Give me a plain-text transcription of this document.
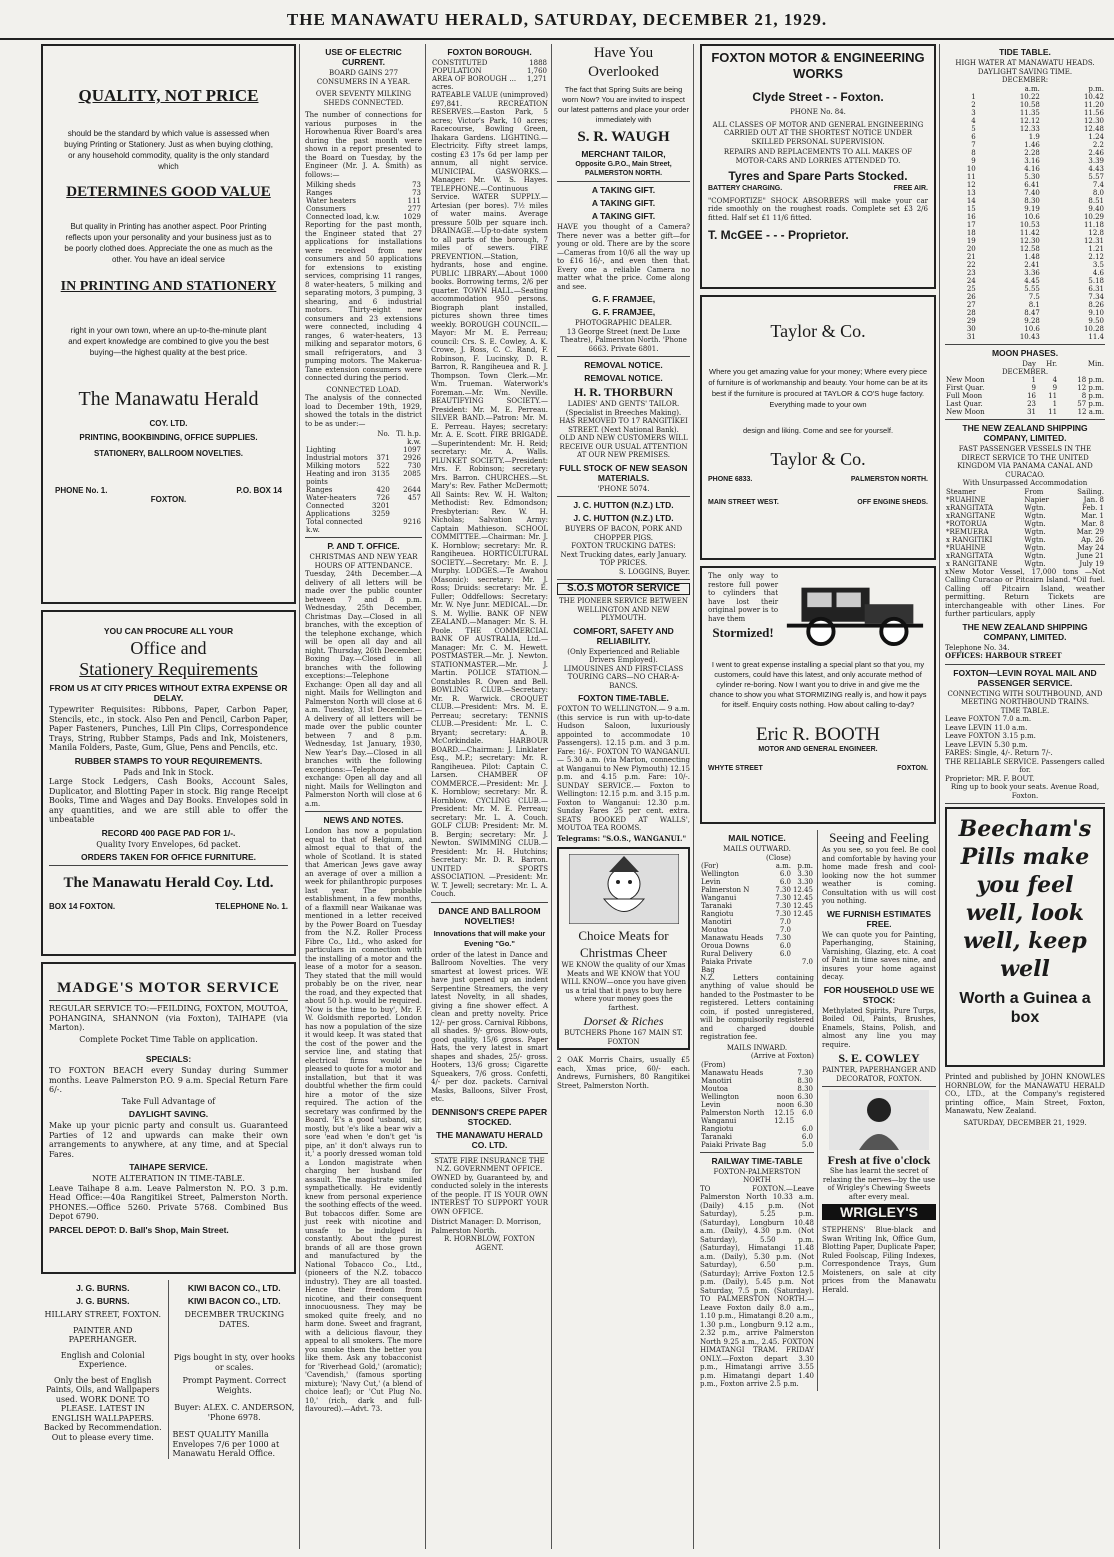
THE MANAWATU HERALD, SATURDAY, DECEMBER 21, 1929.
QUALITY, NOT PRICE

should be the standard by which value is assessed when buying Printing or Stationery. Just as when buying clothing, or any household commodity, quality is the only standard which

DETERMINES GOOD VALUE

But quality in Printing has another aspect. Poor Printing reflects upon your personality and your business just as to be poorly clothed does. Appreciate the one as much as the other. You have an ideal service

IN PRINTING AND STATIONERY

right in your own town, where an up-to-the-minute plant and expert knowledge are combined to give you the best buying—the highest quality at the best price.

The Manawatu Herald
COY. LTD.
PRINTING, BOOKBINDING, OFFICE SUPPLIES. STATIONERY, BALLROOM NOVELTIES.
PHONE No. 1.	P.O. BOX 14
FOXTON.
YOU CAN PROCURE ALL YOUR
Office and
Stationery Requirements
FROM US AT CITY PRICES WITHOUT EXTRA EXPENSE OR DELAY.

Typewriter Requisites: Ribbons, Paper, Carbon Paper, Stencils, etc., in stock. Also Pen and Pencil, Carbon Paper, Paper Fasteners, Punches, Lill Pin Clips, Correspondence Trays, String, Rubber Stamps, Pads and Ink, Moisteners, Manila Folders, Paste, Gum, Glue, Pens and Pencils, etc.

RUBBER STAMPS TO YOUR REQUIREMENTS.
Pads and Ink in Stock.

Large Stock Ledgers, Cash Books, Account Sales, Duplicator, and Blotting Paper in stock. Big range Receipt Books, Time and Wages and Day Books. Envelopes sold in any quantities, and we are still able to offer the unbeatable

RECORD 400 PAGE PAD FOR 1/-.
Quality Ivory Envelopes, 6d packet.
ORDERS TAKEN FOR OFFICE FURNITURE.
The Manawatu Herald Coy. Ltd.
BOX 14 FOXTON.	TELEPHONE No. 1.
MADGE'S MOTOR SERVICE

REGULAR SERVICE TO:—FEILDING, FOXTON, MOUTOA, POHANGINA, SHANNON (via Foxton), TAIHAPE (via Marton).

Complete Pocket Time Table on application.
SPECIALS:

TO FOXTON BEACH every Sunday during Summer months. Leave Palmerston P.O. 9 a.m. Special Return Fare 6/-.

Take Full Advantage of
DAYLIGHT SAVING.

Make up your picnic party and consult us. Guaranteed Parties of 12 and upwards can make their own arrangements to anywhere, at any time, and at Special Fares.

TAIHAPE SERVICE.
NOTE ALTERATION IN TIME-TABLE.

Leave Taihape 8 a.m. Leave Palmerston N. P.O. 3 p.m. Head Office:—40a Rangitikei Street, Palmerston North. PHONES.—Office 5260. Private 5768. Combined Bus Depot 6790.

PARCEL DEPOT: D. Ball's Shop, Main Street.
J. G. BURNS.
J. G. BURNS.
HILLARY STREET, FOXTON.
PAINTER AND PAPERHANGER.
English and Colonial Experience.
Only the best of English Paints, Oils, and Wallpapers used. WORK DONE TO PLEASE. LATEST IN ENGLISH WALLPAPERS. Backed by Recommendation. Out to please every time.
KIWI BACON CO., LTD.
KIWI BACON CO., LTD.
DECEMBER TRUCKING DATES.
Pigs bought in sty, over hooks or scales.
Prompt Payment. Correct Weights.
Buyer: ALEX. C. ANDERSON, 'Phone 6978.
BEST QUALITY Manilla Envelopes 7/6 per 1000 at Manawatu Herald Office.
USE OF ELECTRIC CURRENT.
BOARD GAINS 277 CONSUMERS IN A YEAR.
OVER SEVENTY MILKING SHEDS CONNECTED.

The number of connections for various purposes in the Horowhenua River Board's area during the past month were shown in a report presented to the Board on Tuesday, by the Engineer (Mr. J. A. Smith) as follows:—

Milking sheds	73
Ranges	73
Water heaters	111
Consumers	277
Connected load, k.w.	1029

Reporting for the past month, the Engineer stated that 27 applications for installations were received from new consumers and 50 applications for extensions to existing services, comprising 11 ranges, 8 water-heaters, 5 milking and separating motors, 3 pumping, 3 shearing, and 6 industrial motors. Thirty-eight new consumers and 23 extensions were connected, including 4 ranges, 6 water-heaters, 13 milking and separator motors, 6 small refrigerators, and 3 pumping motors. The Makerua-Tane extension consumers were connected during the period.

CONNECTED LOAD.

The analysis of the connected load to December 19th, 1929, showed the totals in the district to be as under:—

	No.	Tl. h.p. k.w.
Lighting		1097
Industrial motors	371	2926
Milking motors	522	730
Heating and iron points	3135	2085
Ranges	420	2644
Water-heaters	726	457
Connected	3201	
Applications	3259	
Total connected k.w.		9216
P. AND T. OFFICE.
CHRISTMAS AND NEW YEAR HOURS OF ATTENDANCE.

Tuesday, 24th December.—A delivery of all letters will be made over the public counter between 7 and 8 p.m. Wednesday, 25th December, Christmas Day.—Closed in all branches, with the exception of the telephone exchange, which will be open all day and all night. Thursday, 26th December, Boxing Day.—Closed in all branches with the following exceptions:—Telephone Exchange: Open all day and all night. Mails for Wellington and Palmerston North will close at 6 a.m. Tuesday, 31st December.—A delivery of all letters will be made over the public counter between 7 and 8 p.m. Wednesday, 1st January, 1930, New Year's Day.—Closed in all branches with the following exceptions:—Telephone exchange: Open all day and all night. Mails for Wellington and Palmerston North will close at 6 a.m.

NEWS AND NOTES.

London has now a population equal to that of Belgium, and almost equal to that of the whole of Scotland. It is stated that American Jews gave away an average of over a million a week for philanthropic purposes last year. The probable establishment, in a few months, of a flaxmill near Waikanae was mentioned in a letter received by the Power Board on Tuesday from the N.Z. Roller Process Fibre Co., Ltd., who asked for particulars in connection with the installing of a motor and the lease of a motor for a season. They stated that the mill would probably be on the river, near the road, and they expected that about 50 h.p. would be required. 'Now is the time to buy', Mr. F. W. Goldsmith reported. London has now a population of the size it would keep. It was stated that the cost of the power and the service line, and stating that electrical firms would be pleased to quote for a motor and installation, but that it was doubtful whether the firm could hire a motor of the size required. The action of the secretary was confirmed by the Board. 'E's a good 'usband, sir, mostly, but 'e's like a bear wiv a sore 'ead when 'e don't get 'is pipe, an' it don't always run to it,' a poorly dressed woman told a London magistrate when charging her husband for assault. The magistrate smiled sympathetically. He evidently knew from personal experience the soothing effects of the weed. But tobaccos differ. Some are just reek with nicotine and unsafe to be indulged in constantly. About the purest brands of all are those grown and manufactured by the National Tobacco Co., Ltd., (pioneers of the N.Z. tobacco industry). They are all toasted. Hence their freedom from nicotine, and their consequent innocuousness. They may be smoked quite freely, and no harm done. Sweet and fragrant, with a delicious flavour, they appeal to all smokers. The more you smoke them the better you like them. Ask any tobacconist for 'Riverhead Gold,' (aromatic); 'Cavendish,' (famous sporting mixture); 'Navy Cut,' (a blend of choice leaf); or 'Cut Plug No. 10,' (rich, dark and full-flavoured).—Advt. 73.

FOXTON BOROUGH.
CONSTITUTED	1888
POPULATION	1,760
AREA OF BOROUGH ... acres.	1,271

RATEABLE VALUE (unimproved) £97,841. RECREATION RESERVES.—Easton Park, 5 acres; Victor's Park, 10 acres; Racecourse, Bowling Green, Ihakara Gardens. LIGHTING.—Electricity. Fifty street lamps, costing £3 17s 6d per lamp per annum, all night service. MUNICIPAL GASWORKS.—Manager: Mr. W. S. Hayes. TELEPHONE.—Continuous Service. WATER SUPPLY.—Artesian (per bores). 7½ miles of water mains. Average pressure 50lb per square inch. DRAINAGE.—Up-to-date system to all parts of the borough, 7 miles of sewers. FIRE PREVENTION.—Station, hydrants, hose and engine. PUBLIC LIBRARY.—About 1000 books. Borrowing terms, 2/6 per quarter. TOWN HALL.—Seating accommodation 950 persons. Biograph plant installed, pictures shown three times weekly. BOROUGH COUNCIL.—Mayor: Mr M. E. Perreau; council: Crs. S. E. Cowley, A. K. Crowe, J. Ross, C. C. Rand, F. Robinson, F. Lucinsky, D. R. Barron, R. Rangiheuea and R. J. Thompson. Town Clerk.—Mr. Wm. Trueman. Waterwork's Foreman.—Mr. Wm. Neville. BEAUTIFYING SOCIETY.—President: Mr. M. E. Perreau. SILVER BAND.—Patron: Mr. M. E. Perreau. Hayes; secretary: Mr. A. E. Scott. FIRE BRIGADE.—Superintendent: Mr. H. Reid; secretary: Mr. A. Walls. PLUNKET SOCIETY.—President: Mrs. F. Robinson; secretary: Mrs. Barron. CHURCHES.—St. Mary's: Rev. Father McDermott; All Saints: Rev. W. H. Walton; Methodist: Rev. Edmondson; Presbyterian: Rev. W. H. Nicholas; Salvation Army: Captain Mathieson. SCHOOL COMMITTEE.—Chairman: Mr. J. K. Hornblow; secretary: Mr. R. Rangiheuea. HORTICULTURAL SOCIETY.—Secretary: Mr. E. J. Murphy. LODGES.—Te Awahou (Masonic): secretary: Mr. J. Ross; Druids: secretary: Mr. E. Fuller; Oddfellows: Secretary: Mr. W. Nye Junr. MEDICAL.—Dr. S. M. Wyllie. BANK OF NEW ZEALAND.—Manager: Mr. S. H. Poole. THE COMMERCIAL BANK OF AUSTRALIA, Ltd.—Manager: Mr. C. M. Hewett. POSTMASTER.—Mr. J. Newton. STATIONMASTER.—Mr. J. Martin. POLICE STATION.—Constables R. Owen and Bell. BOWLING CLUB.—Secretary: Mr. R. Warwick. CROQUET CLUB.—President: Mrs. M. E. Perreau; secretary: TENNIS CLUB.—President: Mr. L. C. Bryant; secretary: A. B. McCorkindale. HARBOUR BOARD.—Chairman: J. Linklater Esq., M.P.; secretary: Mr. R. Rangiheuea. Pilot: Captain C. Larsen. CHAMBER OF COMMERCE.—President: Mr. J. K. Hornblow; secretary: Mr. R. Hornblow. CYCLING CLUB.—President: Mr. M. E. Perreau; secretary: Mr. L. A. Couch. GOLF CLUB: President: Mr. M. B. Bergin; secretary: Mr. J. Newton. SWIMMING CLUB.—President: Mr. H. Hutchins; Secretary: Mr. D. R. Barron. UNITED SPORTS ASSOCIATION. —President: Mr. W. T. Jewell; secretary: Mr. L. A. Couch.

DANCE AND BALLROOM NOVELTIES!
Innovations that will make your Evening "Go."

order of the latest in Dance and Ballroom Novelties. The very smartest at lowest prices. WE have just opened up an indent Serpentine Streamers, the very latest Novelty, in all shades, giving a fine shower effect. A clean and pretty novelty. Price 12/- per gross. Carnival Ribbons, all shades. 9/- gross. Blow-outs, good quality, 15/6 gross. Paper Hats, the very latest in smart shapes and shades, 25/- gross. Hooters, 13/6 gross; Cigarette Squeakers, 7/6 gross. Confetti, 4/- per doz. packets. Carnival Masks, Balloons, Silver Frost, etc.

DENNISON'S CREPE PAPER STOCKED.
THE MANAWATU HERALD CO. LTD.
STATE FIRE INSURANCE THE N.Z. GOVERNMENT OFFICE.

OWNED by, Guaranteed by, and conducted solely in the interests of the people. IT IS YOUR OWN INTEREST TO SUPPORT YOUR OWN OFFICE.

District Manager: D. Morrison, Palmerston North.
R. HORNBLOW, FOXTON AGENT.
Have You Overlooked

The fact that Spring Suits are being worn Now? You are invited to inspect our latest patterns and place your order immediately with

S. R. WAUGH
MERCHANT TAILOR,
Opposite G.P.O., Main Street, PALMERSTON NORTH.
A TAKING GIFT.
A TAKING GIFT.
A TAKING GIFT.

HAVE you thought of a Camera? There never was a better gift—for young or old. There are by the score—Cameras from 10/6 all the way up to £16 16/-, and even then that. Every one a reliable Camera no matter what the price. Come along and see.

G. F. FRAMJEE,
G. F. FRAMJEE,
PHOTOGRAPHIC DEALER.
13 George Street (next De Luxe Theatre), Palmerston North. 'Phone 6663. Private 6801.
REMOVAL NOTICE.
REMOVAL NOTICE.
H. R. THORBURN
LADIES' AND GENTS' TAILOR. (Specialist in Breeches Making).
HAS REMOVED TO 17 RANGITIKEI STREET. (Next National Bank).
OLD AND NEW CUSTOMERS WILL RECEIVE OUR USUAL ATTENTION AT OUR NEW PREMISES.
FULL STOCK OF NEW SEASON MATERIALS.
'PHONE 5074.
J. C. HUTTON (N.Z.) LTD.
J. C. HUTTON (N.Z.) LTD.
BUYERS OF BACON, PORK AND CHOPPER PIGS.
FOXTON TRUCKING DATES:
Next Trucking dates, early January.
TOP PRICES.
S. LOGGINS, Buyer.
S.O.S MOTOR SERVICE
THE PIONEER SERVICE BETWEEN WELLINGTON AND NEW PLYMOUTH.
COMFORT, SAFETY AND RELIABILITY.
(Only Experienced and Reliable Drivers Employed).
LIMOUSINES AND FIRST-CLASS TOURING CARS—NO CHAR-A-BANCS.
FOXTON TIME-TABLE.

FOXTON TO WELLINGTON.— 9 a.m. (this service is run with up-to-date Hudson Saloon, luxuriously appointed to accommodate 10 Passengers). 12.15 p.m. and 3 p.m. Fare: 16/-. FOXTON TO WANGANUI.— 5.30 a.m. (via Marton, connecting at Wanganui to New Plymouth) 12.15 p.m. and 4.15 p.m. Fare: 10/-. SUNDAY SERVICE.— Foxton to Wellington: 12.15 p.m. and 3.15 p.m. Foxton to Wanganui: 12.30 p.m. Sunday Fares 25 per cent. extra. SEATS BOOKED AT WALLS', MOUTOA TEA ROOMS.

Telegrams: "S.O.S., WANGANUI."
Choice Meats for Christmas Cheer

WE KNOW the quality of our Xmas Meats and WE KNOW that YOU WILL KNOW—once you have given us a trial that it pays to buy here where your money goes the farthest.

Dorset & Riches
BUTCHERS Phone 167 MAIN ST. FOXTON

2 OAK Morris Chairs, usually £5 each, Xmas price, 60/- each. Andrews, Furnishers, 80 Rangitikei Street, Palmerston North.

FOXTON MOTOR & ENGINEERING WORKS
Clyde Street - - Foxton.
PHONE No. 84.

ALL CLASSES OF MOTOR AND GENERAL ENGINEERING CARRIED OUT AT THE SHORTEST NOTICE UNDER SKILLED PERSONAL SUPERVISION.

REPAIRS AND REPLACEMENTS TO ALL MAKES OF MOTOR-CARS AND LORRIES ATTENDED TO.

Tyres and Spare Parts Stocked.
BATTERY CHARGING.	FREE AIR.

"COMFORTIZE" SHOCK ABSORBERS will make your car ride smoothly on the roughest roads. Complete set £3 2/6 fitted. Half set £1 11/6 fitted.

T. McGEE - - - Proprietor.
Taylor & Co.

Where you get amazing value for your money; Where every piece of furniture is of workmanship and beauty. Your home can be at its best if the furniture is procured at TAYLOR & CO'S huge factory. Everything made to your own

design and liking. Come and see for yourself.
Taylor & Co.
PHONE 6833.	PALMERSTON NORTH.
MAIN STREET WEST.	OFF ENGINE SHEDS.

The only way to restore full power to cylinders that have lost their original power is to have them

Stormized!

I went to great expense installing a special plant so that you, my customers, could have this latest, and only accurate method of cylinder re-boring. Now I want you to drive in and give me the chance to show you what STORMIZING really is, and how it pays for itself. Enquiry costs nothing. How about calling to-day?

Eric R. BOOTH
MOTOR AND GENERAL ENGINEER.
WHYTE STREET	FOXTON.
MAIL NOTICE.
MAILS OUTWARD.
	(Close)	
(For)	a.m.	p.m.
Wellington	6.0	3.30
Levin	6.0	3.30
Palmerston N	7.30	12.45
Wanganui	7.30	12.45
Taranaki	7.30	12.45
Rangiotu	7.30	12.45
Manotiri	7.0	
Moutoa	7.0	
Manawatu Heads	7.30	
Oroua Downs	6.0	
Rural Delivery	6.0	
Paiaka Private Bag		7.0

N.Z. Letters containing anything of value should be handed to the Postmaster to be registered. Letters containing coin, if posted unregistered, will be compulsorily registered and charged double registration fee.

MAILS INWARD.
(Arrive at Foxton)
(From)		
Manawatu Heads		7.30
Manotiri		8.30
Moutoa		8.30
Wellington	noon	6.30
Levin	noon	6.30
Palmerston North	12.15	6.0
Wanganui	12.15	
Rangiotu		6.0
Taranaki		6.0
Paiaki Private Bag		5.0
RAILWAY TIME-TABLE
FOXTON-PALMERSTON NORTH

TO FOXTON.—Leave Palmerston North 10.33 a.m. (Daily) 4.15 p.m. (Not Saturday), 5.25 p.m. (Saturday), Longburn 10.48 a.m. (Daily), 4.30 p.m. (Not Saturday), 5.50 p.m. (Saturday), Himatangi 11.48 a.m. (Daily), 5.30 p.m. (Not Saturday), 6.50 p.m. (Saturday); Arrive Foxton 12.5 p.m. (Daily), 5.45 p.m. Not Saturday, 7.5 p.m. (Saturday). TO PALMERSTON NORTH.—Leave Foxton daily 8.0 a.m., 1.10 p.m., Himatangi 8.20 a.m., 1.30 p.m., Longburn 9.12 a.m., 2.32 p.m., arrive Palmerston North 9.25 a.m., 2.45. FOXTON HIMATANGI TRAM. FRIDAY ONLY.—Foxton depart 3.30 p.m., Himatangi arrive 3.55 p.m. Himatangi depart 1.40 p.m., Foxton arrive 2.5 p.m.

Seeing and Feeling

As you see, so you feel. Be cool and comfortable by having your home made fresh and cool-looking now the hot summer weather is coming. Consultation with us will cost you nothing.

WE FURNISH ESTIMATES FREE.

We can quote you for Painting, Paperhanging, Staining, Varnishing, Glazing, etc. A coat of Paint in time saves nine, and insures your home against decay.

FOR HOUSEHOLD USE WE STOCK:

Methylated Spirits, Pure Turps, Boiled Oil, Paints, Brushes, Enamels, Stains, Polish, and almost any line you may require.

S. E. COWLEY
PAINTER, PAPERHANGER AND DECORATOR, FOXTON.
Fresh at five o'clock

She has learnt the secret of relaxing the nerves—by the use of Wrigley's Chewing Sweets after every meal.

WRIGLEY'S

STEPHENS' Blue-black and Swan Writing Ink, Office Gum, Blotting Paper, Duplicate Paper, Ruled Foolscap, Filing Indexes, Correspondence Trays, Gum Moisteners, on sale at city prices from the Manawatu Herald.

TIDE TABLE.
HIGH WATER AT MANAWATU HEADS.
DAYLIGHT SAVING TIME.
DECEMBER:
	a.m.	p.m.
1	10.22	10.42
2	10.58	11.20
3	11.35	11.56
4	12.12	12.30
5	12.33	12.48
6	1.9	1.24
7	1.46	2.2
8	2.28	2.46
9	3.16	3.39
10	4.16	4.43
11	5.30	5.57
12	6.41	7.4
13	7.40	8.0
14	8.30	8.51
15	9.19	9.40
16	10.6	10.29
17	10.53	11.18
18	11.42	12.8
19	12.30	12.31
20	12.58	1.21
21	1.48	2.12
22	2.41	3.5
23	3.36	4.6
24	4.45	5.18
25	5.55	6.31
26	7.5	7.34
27	8.1	8.26
28	8.47	9.10
29	9.28	9.50
30	10.6	10.28
31	10.43	11.4
MOON PHASES.
	Day	Hr.	Min.
DECEMBER.			
New Moon	1	4	18 p.m.
First Quar.	9	9	12 p.m.
Full Moon	16	11	8 p.m.
Last Quar.	23	1	57 p.m.
New Moon	31	11	12 a.m.
THE NEW ZEALAND SHIPPING COMPANY, LIMITED.
FAST PASSENGER VESSELS IN THE DIRECT SERVICE TO THE UNITED KINGDOM VIA PANAMA CANAL AND CURACAO.
With Unsurpassed Accommodation
Steamer	From	Sailing.
*RUAHINE	Napier	Jan. 8
xRANGITATA	Wgtn.	Feb. 1
xRANGITANE	Wgtn.	Mar. 1
*ROTORUA	Wgtn.	Mar. 8
*REMUERA	Wgtn.	Mar. 29
x RANGITIKI	Wgtn.	Ap. 26
*RUAHINE	Wgtn.	May 24
xRANGITATA	Wgtn.	June 21
x RANGITANE	Wgtn.	July 19

xNew Motor Vessel, 17,000 tons —Not Calling Curacao or Pitcairn Island. *Oil fuel. Calling off Pitcairn Island, weather permitting. Return Tickets are interchangeable with other Lines. For further particulars, apply

THE NEW ZEALAND SHIPPING COMPANY, LIMITED.
Telephone No. 34.
OFFICES: HARBOUR STREET
FOXTON—LEVIN ROYAL MAIL AND PASSENGER SERVICE.
CONNECTING WITH SOUTHBOUND, AND MEETING NORTHBOUND TRAINS.
TIME TABLE.
Leave FOXTON 7.0 a.m.
Leave LEVIN 11.0 a.m.
Leave FOXTON 3.15 p.m.
Leave LEVIN 5.30 p.m.
FARES: Single, 4/-. Return 7/-.
THE RELIABLE SERVICE. Passengers called for.
Proprietor: MR. F. BOUT.
Ring up to book your seats. Avenue Road, Foxton.
Beecham's Pills make you feel well, look well, keep well
Worth a Guinea a box

Printed and published by JOHN KNOWLES HORNBLOW, for the MANAWATU HERALD CO., LTD., at the Company's registered printing office, Main Street, Foxton, Manawatu, New Zealand.

SATURDAY, DECEMBER 21, 1929.
